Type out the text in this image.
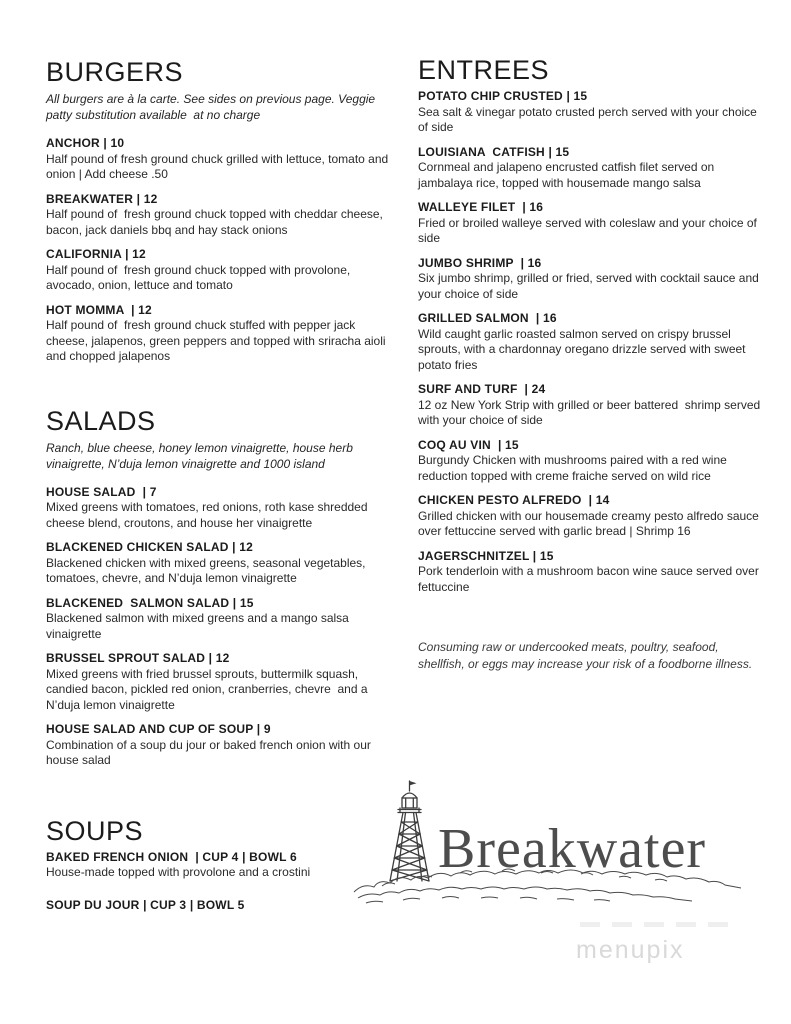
BURGERS

All burgers are à la carte. See sides on previous page. Veggie patty substitution available  at no charge

ANCHOR | 10
Half pound of fresh ground chuck grilled with lettuce, tomato and onion | Add cheese .50
BREAKWATER | 12
Half pound of  fresh ground chuck topped with cheddar cheese, bacon, jack daniels bbq and hay stack onions
CALIFORNIA | 12
Half pound of  fresh ground chuck topped with provolone, avocado, onion, lettuce and tomato
HOT MOMMA  | 12
Half pound of  fresh ground chuck stuffed with pepper jack cheese, jalapenos, green peppers and topped with sriracha aioli and chopped jalapenos
SALADS

Ranch, blue cheese, honey lemon vinaigrette, house herb vinaigrette, N’duja lemon vinaigrette and 1000 island

HOUSE SALAD  | 7
Mixed greens with tomatoes, red onions, roth kase shredded cheese blend, croutons, and house her vinaigrette
BLACKENED CHICKEN SALAD | 12
Blackened chicken with mixed greens, seasonal vegetables, tomatoes, chevre, and N’duja lemon vinaigrette
BLACKENED  SALMON SALAD | 15
Blackened salmon with mixed greens and a mango salsa vinaigrette
BRUSSEL SPROUT SALAD | 12
Mixed greens with fried brussel sprouts, buttermilk squash, candied bacon, pickled red onion, cranberries, chevre  and a N’duja lemon vinaigrette
HOUSE SALAD AND CUP OF SOUP | 9
Combination of a soup du jour or baked french onion with our house salad
SOUPS
BAKED FRENCH ONION  | CUP 4 | BOWL 6
House-made topped with provolone and a crostini
SOUP DU JOUR | CUP 3 | BOWL 5
ENTREES
POTATO CHIP CRUSTED | 15
Sea salt & vinegar potato crusted perch served with your choice of side
LOUISIANA  CATFISH | 15
Cornmeal and jalapeno encrusted catfish filet served on jambalaya rice, topped with housemade mango salsa
WALLEYE FILET  | 16
Fried or broiled walleye served with coleslaw and your choice of side
JUMBO SHRIMP  | 16
Six jumbo shrimp, grilled or fried, served with cocktail sauce and your choice of side
GRILLED SALMON  | 16
Wild caught garlic roasted salmon served on crispy brussel sprouts, with a chardonnay oregano drizzle served with sweet potato fries
SURF AND TURF  | 24
12 oz New York Strip with grilled or beer battered  shrimp served with your choice of side
COQ AU VIN  | 15
Burgundy Chicken with mushrooms paired with a red wine reduction topped with creme fraiche served on wild rice
CHICKEN PESTO ALFREDO  | 14
Grilled chicken with our housemade creamy pesto alfredo sauce over fettuccine served with garlic bread | Shrimp 16
JAGERSCHNITZEL | 15
Pork tenderloin with a mushroom bacon wine sauce served over fettuccine

Consuming raw or undercooked meats, poultry, seafood, shellfish, or eggs may increase your risk of a foodborne illness.

Breakwater
menupix
